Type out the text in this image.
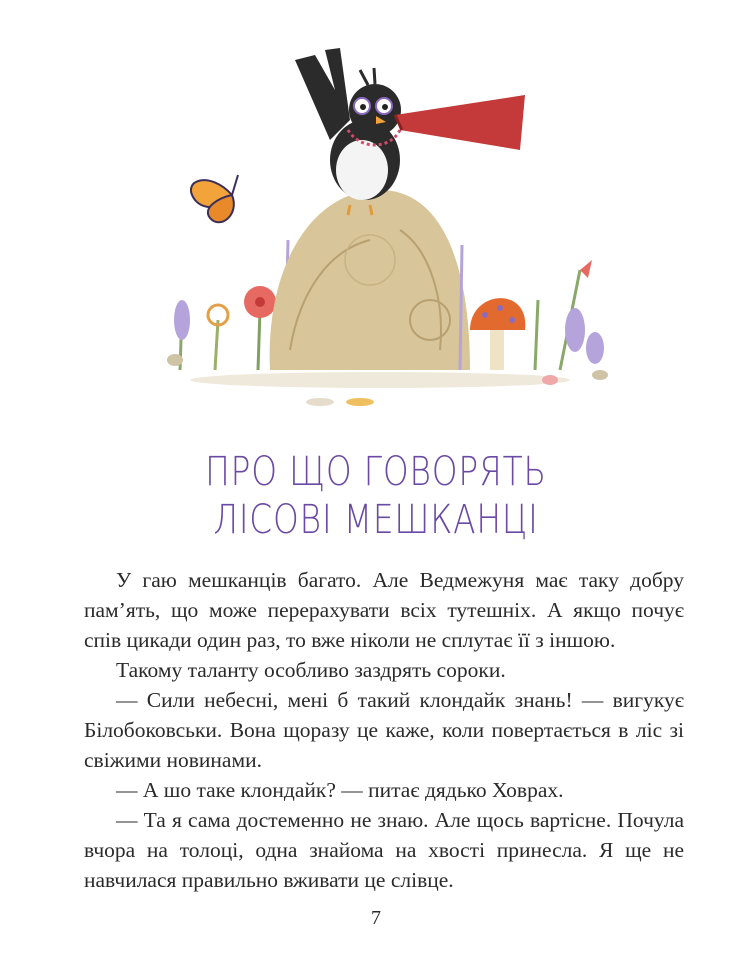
ПРО ЩО ГОВОРЯТЬ
ЛІСОВІ МЕШКАНЦІ

У гаю мешканців багато. Але Ведмежуня має таку добру пам’ять, що може перерахувати всіх тутешніх. А якщо почує спів цикади один раз, то вже ніколи не сплутає її з іншою.

Такому таланту особливо заздрять сороки.

— Сили небесні, мені б такий клондайк знань! — вигукує Білобоковськи. Вона щоразу це каже, коли повертається в ліс зі свіжими новинами.

— А шо таке клондайк? — питає дядько Ховрах.

— Та я сама достеменно не знаю. Але щось вартісне. Почула вчора на толоці, одна знайома на хвості принесла. Я ще не навчилася правильно вживати це слівце.

7
